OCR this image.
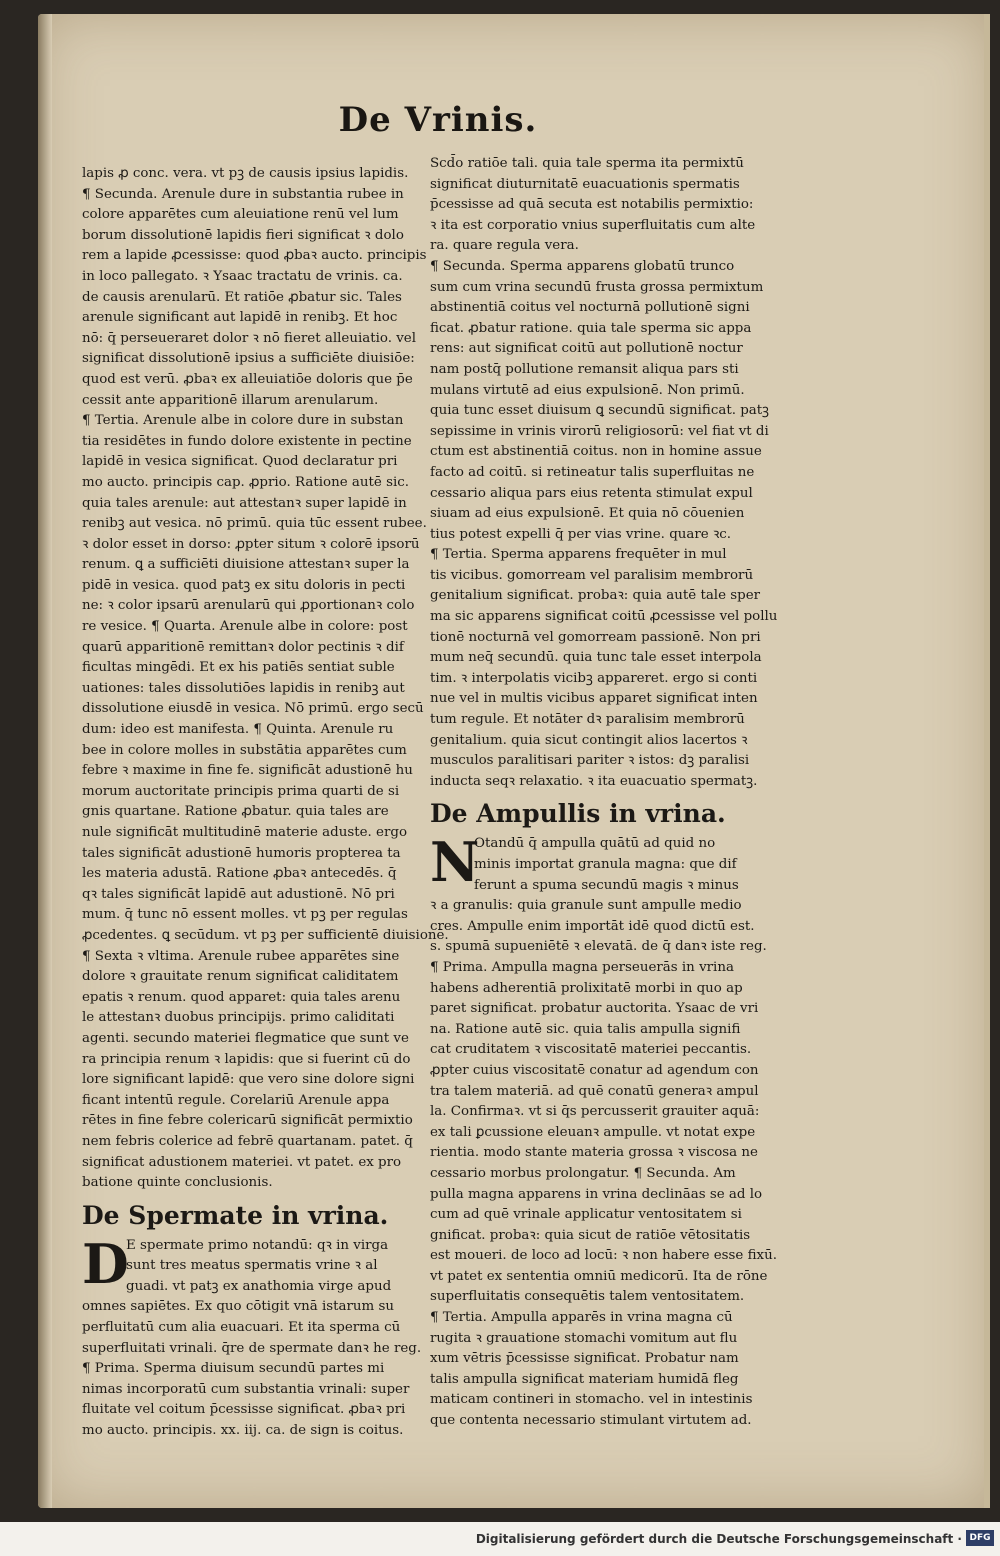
De Vrinis.
lapis ꝓ conc. vera. vt pꝫ de causis ipsius lapidis.
¶ Secunda. Arenule dure in substantia rubee in
colore apparētes cum aleuiatione renū vel lum
borum dissolutionē lapidis fieri significat ꝛ dolo
rem a lapide ꝓcessisse: quod ꝓbaꝛ aucto. principis
in loco pallegato. ꝛ Ysaac tractatu de vrinis. ca.
de causis arenularū. Et ratiōe ꝓbatur sic. Tales
arenule significant aut lapidē in renibꝫ. Et hoc
nō: q̄ perseueraret dolor ꝛ nō fieret alleuiatio. vel
significat dissolutionē ipsius a sufficiēte diuisiōe:
quod est verū. ꝓbaꝛ ex alleuiatiōe doloris que p̄e
cessit ante apparitionē illarum arenularum.
¶ Tertia. Arenule albe in colore dure in substan
tia residētes in fundo dolore existente in pectine
lapidē in vesica significat. Quod declaratur pri
mo aucto. principis cap. ꝓprio. Ratione autē sic.
quia tales arenule: aut attestanꝛ super lapidē in
renibꝫ aut vesica. nō primū. quia tūc essent rubee.
ꝛ dolor esset in dorso: ꝓpter situm ꝛ colorē ipsorū
renum. ꝗ a sufficiēti diuisione attestanꝛ super la
pidē in vesica. quod patꝫ ex situ doloris in pecti
ne: ꝛ color ipsarū arenularū qui ꝓportionanꝛ colo
re vesice. ¶ Quarta. Arenule albe in colore: post
quarū apparitionē remittanꝛ dolor pectinis ꝛ dif
ficultas mingēdi. Et ex his patiēs sentiat suble
uationes: tales dissolutiōes lapidis in renibꝫ aut
dissolutione eiusdē in vesica. Nō primū. ergo secū
dum: ideo est manifesta. ¶ Quinta. Arenule ru
bee in colore molles in substātia apparētes cum
febre ꝛ maxime in fine fe. significāt adustionē hu
morum auctoritate principis prima quarti de si
gnis quartane. Ratione ꝓbatur. quia tales are
nule significāt multitudinē materie aduste. ergo
tales significāt adustionē humoris propterea ta
les materia adustā. Ratione ꝓbaꝛ antecedēs. q̄
qꝛ tales significāt lapidē aut adustionē. Nō pri
mum. q̄ tunc nō essent molles. vt pꝫ per regulas
ꝓcedentes. ꝗ secūdum. vt pꝫ per sufficientē diuisionē.
¶ Sexta ꝛ vltima. Arenule rubee apparētes sine
dolore ꝛ grauitate renum significat caliditatem
epatis ꝛ renum. quod apparet: quia tales arenu
le attestanꝛ duobus principijs. primo caliditati
agenti. secundo materiei flegmatice que sunt ve
ra principia renum ꝛ lapidis: que si fuerint cū do
lore significant lapidē: que vero sine dolore signi
ficant intentū regule. Corelariū Arenule appa
rētes in fine febre colericarū significāt permixtio
nem febris colerice ad febrē quartanam. patet. q̄
significat adustionem materiei. vt patet. ex pro
batione quinte conclusionis.
De Spermate in vrina.
D
E spermate primo notandū: qꝛ in virga
sunt tres meatus spermatis vrine ꝛ al
guadi. vt patꝫ ex anathomia virge apud
omnes sapiētes. Ex quo cōtigit vnā istarum su
perfluitatū cum alia euacuari. Et ita sperma cū
superfluitati vrinali. q̄re de spermate danꝛ he reg.
¶ Prima. Sperma diuisum secundū partes mi
nimas incorporatū cum substantia vrinali: super
fluitate vel coitum p̄cessisse significat. ꝓbaꝛ pri
mo aucto. principis. xx. iij. ca. de sign is coitus.
Scd̄o ratiōe tali. quia tale sperma ita permixtū
significat diuturnitatē euacuationis spermatis
p̄cessisse ad quā secuta est notabilis permixtio:
ꝛ ita est corporatio vnius superfluitatis cum alte
ra. quare regula vera.
¶ Secunda. Sperma apparens globatū trunco
sum cum vrina secundū frusta grossa permixtum
abstinentiā coitus vel nocturnā pollutionē signi
ficat. ꝓbatur ratione. quia tale sperma sic appa
rens: aut significat coitū aut pollutionē noctur
nam postq̄ pollutione remansit aliqua pars sti
mulans virtutē ad eius expulsionē. Non primū.
quia tunc esset diuisum ꝗ secundū significat. patꝫ
sepissime in vrinis virorū religiosorū: vel fiat vt di
ctum est abstinentiā coitus. non in homine assue
facto ad coitū. si retineatur talis superfluitas ne
cessario aliqua pars eius retenta stimulat expul
siuam ad eius expulsionē. Et quia nō cōuenien
tius potest expelli q̄ per vias vrine. quare ꝛc.
¶ Tertia. Sperma apparens frequēter in mul
tis vicibus. gomorream vel paralisim membrorū
genitalium significat. probaꝛ: quia autē tale sper
ma sic apparens significat coitū ꝓcessisse vel pollu
tionē nocturnā vel gomorream passionē. Non pri
mum neq̄ secundū. quia tunc tale esset interpola
tim. ꝛ interpolatis vicibꝫ appareret. ergo si conti
nue vel in multis vicibus apparet significat inten
tum regule. Et notāter dꝛ paralisim membrorū
genitalium. quia sicut contingit alios lacertos ꝛ
musculos paralitisari pariter ꝛ istos: dꝫ paralisi
inducta seqꝛ relaxatio. ꝛ ita euacuatio spermatꝫ.
De Ampullis in vrina.
N
Otandū q̄ ampulla quātū ad quid no
minis importat granula magna: que dif
ferunt a spuma secundū magis ꝛ minus
ꝛ a granulis: quia granule sunt ampulle medio
cres. Ampulle enim importāt idē quod dictū est.
s. spumā supueniētē ꝛ elevatā. de q̄ danꝛ iste reg.
¶ Prima. Ampulla magna perseuerās in vrina
habens adherentiā prolixitatē morbi in quo ap
paret significat. probatur auctorita. Ysaac de vri
na. Ratione autē sic. quia talis ampulla signifi
cat cruditatem ꝛ viscositatē materiei peccantis.
ꝓpter cuius viscositatē conatur ad agendum con
tra talem materiā. ad quē conatū generaꝛ ampul
la. Confirmaꝛ. vt si q̄s percusserit grauiter aquā:
ex tali ꝑcussione eleuanꝛ ampulle. vt notat expe
rientia. modo stante materia grossa ꝛ viscosa ne
cessario morbus prolongatur. ¶ Secunda. Am
pulla magna apparens in vrina declināas se ad lo
cum ad quē vrinale applicatur ventositatem si
gnificat. probaꝛ: quia sicut de ratiōe vētositatis
est moueri. de loco ad locū: ꝛ non habere esse fixū.
vt patet ex sententia omniū medicorū. Ita de rōne
superfluitatis consequētis talem ventositatem.
¶ Tertia. Ampulla apparēs in vrina magna cū
rugita ꝛ grauatione stomachi vomitum aut flu
xum vētris p̄cessisse significat. Probatur nam
talis ampulla significat materiam humidā fleg
maticam contineri in stomacho. vel in intestinis
que contenta necessario stimulant virtutem ad.
Digitalisierung gefördert durch die Deutsche Forschungsgemeinschaft · DFG
